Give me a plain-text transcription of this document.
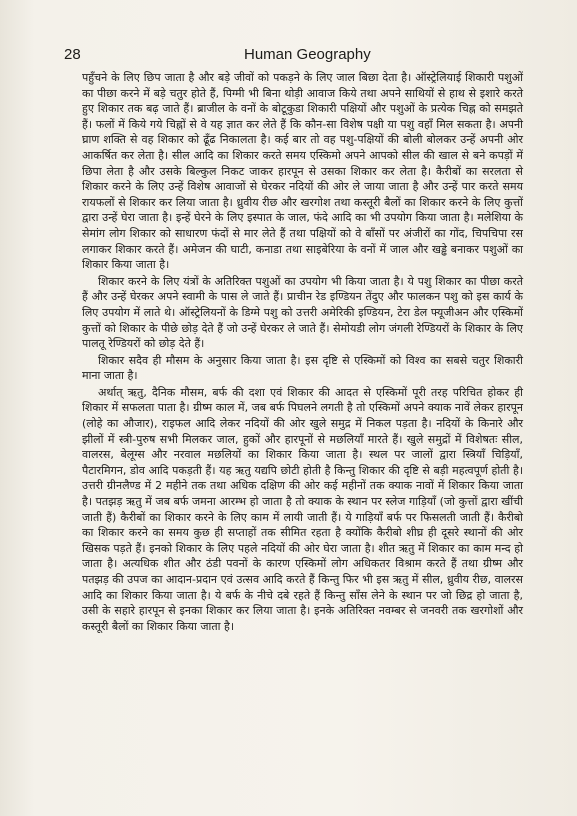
28	Human Geography

पहुँचने के लिए छिप जाता है और बड़े जीवों को पकड़ने के लिए जाल बिछा देता है। ऑस्ट्रेलियाई शिकारी पशुओं का पीछा करने में बड़े चतुर होते हैं, पिग्मी भी बिना थोड़ी आवाज किये तथा अपने साथियों से हाथ से इशारे करते हुए शिकार तक बढ़ जाते हैं। ब्राजील के वनों के बोटूकुडा शिकारी पक्षियों और पशुओं के प्रत्येक चिह्न को समझते हैं। फलों में किये गये चिह्नों से वे यह ज्ञात कर लेते हैं कि कौन-सा विशेष पक्षी या पशु वहाँ मिल सकता है। अपनी घ्राण शक्ति से वह शिकार को ढूँढ निकालता है। कई बार तो वह पशु-पक्षियों की बोली बोलकर उन्हें अपनी ओर आकर्षित कर लेता है। सील आदि का शिकार करते समय एस्किमो अपने आपको सील की खाल से बने कपड़ों में छिपा लेता है और उसके बिल्कुल निकट जाकर हारपून से उसका शिकार कर लेता है। कैरीबों का सरलता से शिकार करने के लिए उन्हें विशेष आवाजों से घेरकर नदियों की ओर ले जाया जाता है और उन्हें पार करते समय रायफलों से शिकार कर लिया जाता है। ध्रुवीय रीछ और खरगोश तथा कस्तूरी बैलों का शिकार करने के लिए कुत्तों द्वारा उन्हें घेरा जाता है। इन्हें घेरने के लिए इस्पात के जाल, फंदे आदि का भी उपयोग किया जाता है। मलेशिया के सेमांग लोग शिकार को साधारण फंदों से मार लेते हैं तथा पक्षियों को वे बाँसों पर अंजीरों का गोंद, चिपचिपा रस लगाकर शिकार करते हैं। अमेजन की घाटी, कनाडा तथा साइबेरिया के वनों में जाल और खड्ढे बनाकर पशुओं का शिकार किया जाता है।

शिकार करने के लिए यंत्रों के अतिरिक्त पशुओं का उपयोग भी किया जाता है। ये पशु शिकार का पीछा करते हैं और उन्हें घेरकर अपने स्वामी के पास ले जाते हैं। प्राचीन रेड इण्डियन तेंदुए और फालकन पशु को इस कार्य के लिए उपयोग में लाते थे। ऑस्ट्रेलियनों के डिग्मे पशु को उत्तरी अमेरिकी इण्डियन, टेरा डेल फ्यूजीअन और एस्किमों कुत्तों को शिकार के पीछे छोड़ देते हैं जो उन्हें घेरकर ले जाते हैं। सेमोयडी लोग जंगली रेण्डियरों के शिकार के लिए पालतू रेण्डियरों को छोड़ देते हैं।

शिकार सदैव ही मौसम के अनुसार किया जाता है। इस दृष्टि से एस्किमों को विश्व का सबसे चतुर शिकारी माना जाता है।

अर्थात् ऋतु, दैनिक मौसम, बर्फ की दशा एवं शिकार की आदत से एस्किमों पूरी तरह परिचित होकर ही शिकार में सफलता पाता है। ग्रीष्म काल में, जब बर्फ पिघलने लगती है तो एस्किमों अपने क्याक नावें लेकर हारपून (लोहे का औजार), राइफल आदि लेकर नदियों की ओर खुले समुद्र में निकल पड़ता है। नदियों के किनारे और झीलों में स्त्री-पुरुष सभी मिलकर जाल, हुकों और हारपूनों से मछलियाँ मारते हैं। खुले समुद्रों में विशेषतः सील, वालरस, बेलूग्स और नरवाल मछलियों का शिकार किया जाता है। स्थल पर जालों द्वारा स्त्रियाँ चिड़ियाँ, पैटारमिगन, डोव आदि पकड़ती हैं। यह ऋतु यद्यपि छोटी होती है किन्तु शिकार की दृष्टि से बड़ी महत्वपूर्ण होती है। उत्तरी ग्रीनलैण्ड में 2 महीने तक तथा अधिक दक्षिण की ओर कई महीनों तक क्याक नावों में शिकार किया जाता है। पतझड़ ऋतु में जब बर्फ जमना आरम्भ हो जाता है तो क्याक के स्थान पर स्लेज गाड़ियाँ (जो कुत्तों द्वारा खींची जाती हैं) कैरीबों का शिकार करने के लिए काम में लायी जाती हैं। ये गाड़ियाँ बर्फ पर फिसलती जाती हैं। कैरीबो का शिकार करने का समय कुछ ही सप्ताहों तक सीमित रहता है क्योंकि कैरीबो शीघ्र ही दूसरे स्थानों की ओर खिसक पड़ते हैं। इनको शिकार के लिए पहले नदियों की ओर घेरा जाता है। शीत ऋतु में शिकार का काम मन्द हो जाता है। अत्यधिक शीत और ठंडी पवनों के कारण एस्किमों लोग अधिकतर विश्राम करते हैं तथा ग्रीष्म और पतझड़ की उपज का आदान-प्रदान एवं उत्सव आदि करते हैं किन्तु फिर भी इस ऋतु में सील, ध्रुवीय रीछ, वालरस आदि का शिकार किया जाता है। ये बर्फ के नीचे दबे रहते हैं किन्तु साँस लेने के स्थान पर जो छिद्र हो जाता है, उसी के सहारे हारपून से इनका शिकार कर लिया जाता है। इनके अतिरिक्त नवम्बर से जनवरी तक खरगोशों और कस्तूरी बैलों का शिकार किया जाता है।
